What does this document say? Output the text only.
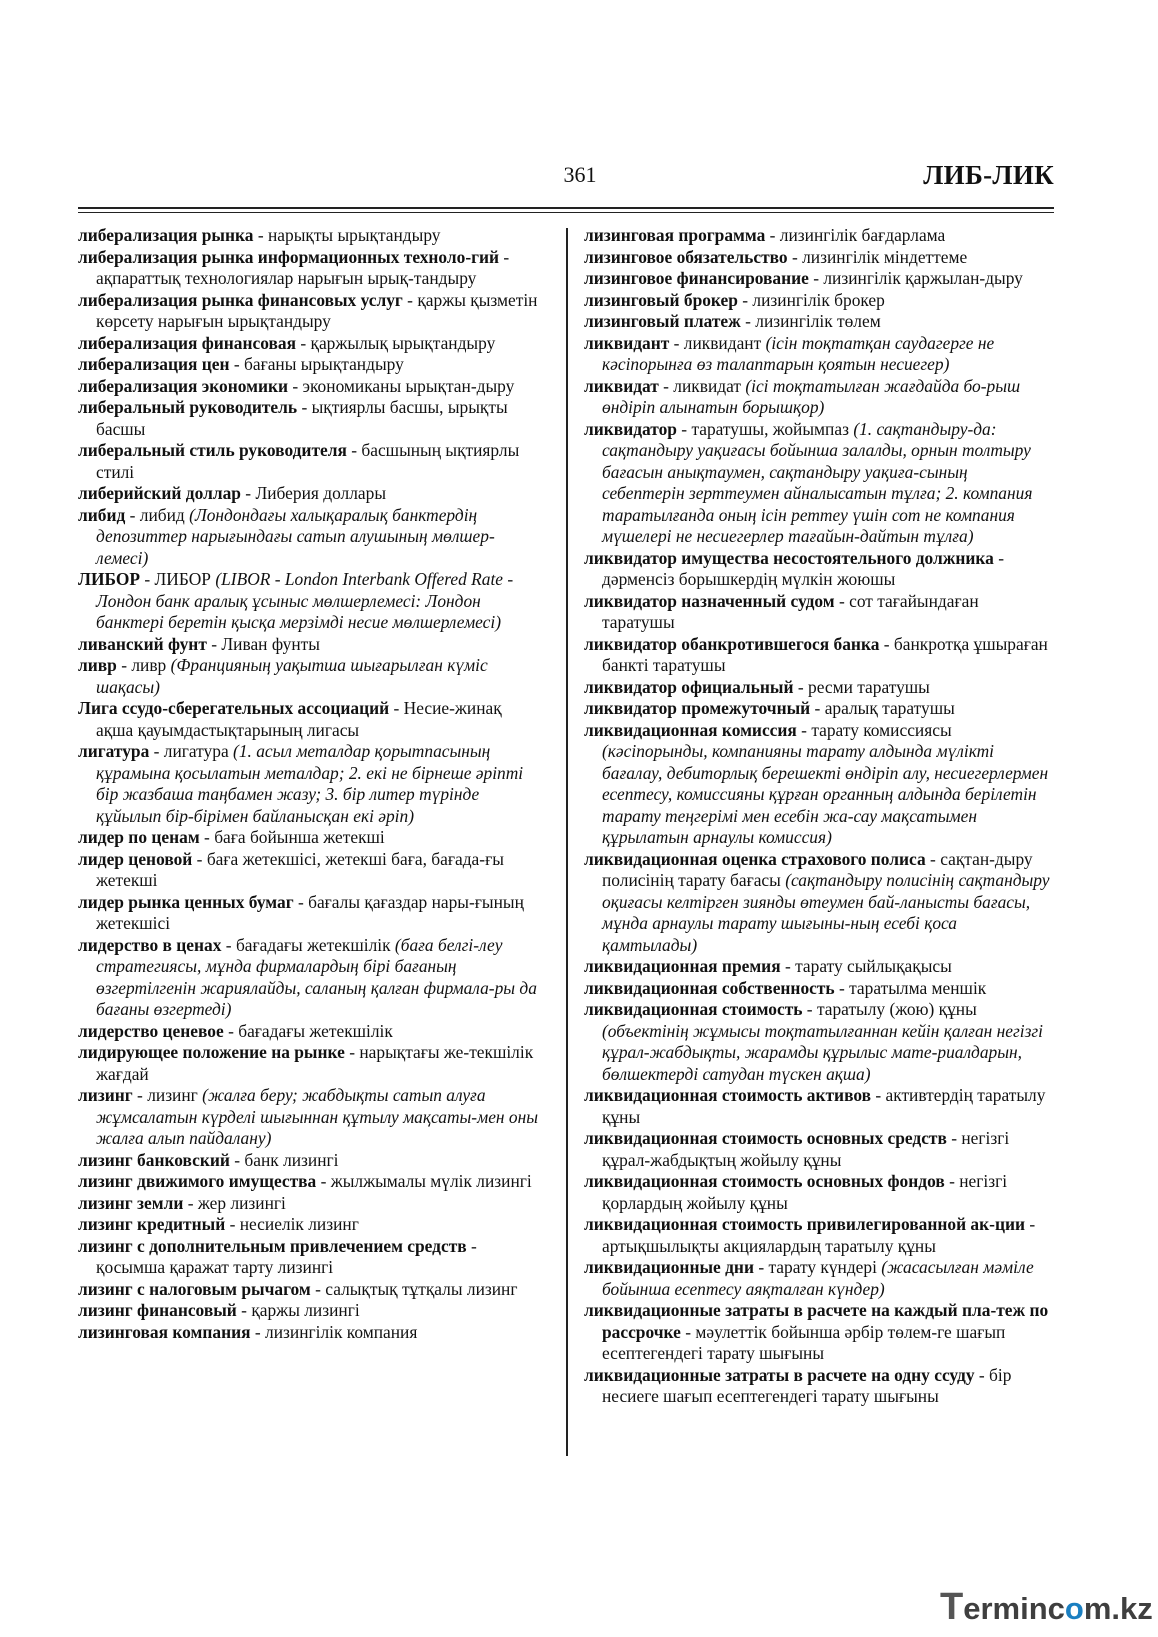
361	ЛИБ-ЛИК

либерализация рынка - нарықты ырықтандыру

либерализация рынка информационных техноло-гий - ақпараттық технологиялар нарығын ырық-тандыру

либерализация рынка финансовых услуг - қаржы қызметін көрсету нарығын ырықтандыру

либерализация финансовая - қаржылық ырықтандыру

либерализация цен - бағаны ырықтандыру

либерализация экономики - экономиканы ырықтан-дыру

либеральный руководитель - ықтиярлы басшы, ырықты басшы

либеральный стиль руководителя - басшының ықтиярлы стилі

либерийский доллар - Либерия доллары

либид - либид (Лондондағы халықаралық банктердің депозиттер нарығындағы сатып алушының мөлшер-лемесі)

ЛИБОР - ЛИБОР (LIBOR - London Interbank Offered Rate - Лондон банк аралық ұсыныс мөлшерлемесі: Лондон банктері беретін қысқа мерзімді несие мөлшерлемесі)

ливанский фунт - Ливан фунты

ливр - ливр (Францияның уақытша шығарылған күміс шақасы)

Лига ссудо-сберегательных ассоциаций - Несие-жинақ ақша қауымдастықтарының лигасы

лигатура - лигатура (1. асыл металдар қорытпасының құрамына қосылатын металдар; 2. екі не бірнеше әріпті бір жазбаша таңбамен жазу; 3. бір литер түрінде құйылып бір-бірімен байланысқан екі әріп)

лидер по ценам - баға бойынша жетекші

лидер ценовой - баға жетекшісі, жетекші баға, бағада-ғы жетекші

лидер рынка ценных бумаг - бағалы қағаздар нары-ғының жетекшісі

лидерство в ценах - бағадағы жетекшілік (баға белгі-леу стратегиясы, мұнда фирмалардың бірі бағаның өзгертілгенін жариялайды, саланың қалған фирмала-ры да бағаны өзгертеді)

лидерство ценевое - бағадағы жетекшілік

лидирующее положение на рынке - нарықтағы же-текшілік жағдай

лизинг - лизинг (жалға беру; жабдықты сатып алуға жұмсалатын күрделі шығыннан құтылу мақсаты-мен оны жалға алып пайдалану)

лизинг банковский - банк лизингі

лизинг движимого имущества - жылжымалы мүлік лизингі

лизинг земли - жер лизингі

лизинг кредитный - несиелік лизинг

лизинг с дополнительным привлечением средств - қосымша қаражат тарту лизингі

лизинг с налоговым рычагом - салықтық тұтқалы лизинг

лизинг финансовый - қаржы лизингі

лизинговая компания - лизингілік компания

лизинговая программа - лизингілік бағдарлама

лизинговое обязательство - лизингілік міндеттеме

лизинговое финансирование - лизингілік қаржылан-дыру

лизинговый брокер - лизингілік брокер

лизинговый платеж - лизингілік төлем

ликвидант - ликвидант (ісін тоқтатқан саудагерге не кәсіпорынға өз талаптарын қоятын несиегер)

ликвидат - ликвидат (ісі тоқтатылған жағдайда бо-рыш өндіріп алынатын борышқор)

ликвидатор - таратушы, жойымпаз (1. сақтандыру-да: сақтандыру уақиғасы бойынша залалды, орнын толтыру бағасын анықтаумен, сақтандыру уақиға-сының себептерін зерттеумен айналысатын тұлға; 2. компания таратылғанда оның ісін реттеу үшін сот не компания мүшелері не несиегерлер тағайын-дайтын тұлға)

ликвидатор имущества несостоятельного должника - дәрменсіз борышкердің мүлкін жоюшы

ликвидатор назначенный судом - сот тағайындаған таратушы

ликвидатор обанкротившегося банка - банкротқа ұшыраған банкті таратушы

ликвидатор официальный - ресми таратушы

ликвидатор промежуточный - аралық таратушы

ликвидационная комиссия - тарату комиссиясы (кәсіпорынды, компанияны тарату алдында мүлікті бағалау, дебиторлық берешекті өндіріп алу, несиегерлермен есептесу, комиссияны құрған органның алдында берілетін тарату теңгерімі мен есебін жа-сау мақсатымен құрылатын арнаулы комиссия)

ликвидационная оценка страхового полиса - сақтан-дыру полисінің тарату бағасы (сақтандыру полисінің сақтандыру оқиғасы келтірген зиянды өтеумен бай-ланысты бағасы, мұнда арнаулы тарату шығыны-ның есебі қоса қамтылады)

ликвидационная премия - тарату сыйлықақысы

ликвидационная собственность - таратылма меншік

ликвидационная стоимость - таратылу (жою) құны (объектінің жұмысы тоқтатылғаннан кейін қалған негізгі құрал-жабдықты, жарамды құрылыс мате-риалдарын, бөлшектерді сатудан түскен ақша)

ликвидационная стоимость активов - активтердің таратылу құны

ликвидационная стоимость основных средств - негізгі құрал-жабдықтың жойылу құны

ликвидационная стоимость основных фондов - негізгі қорлардың жойылу құны

ликвидационная стоимость привилегированной ак-ции - артықшылықты акциялардың таратылу құны

ликвидационные дни - тарату күндері (жасасылған мәміле бойынша есептесу аяқталған күндер)

ликвидационные затраты в расчете на каждый пла-теж по рассрочке - мәулеттік бойынша әрбір төлем-ге шағып есептегендегі тарату шығыны

ликвидационные затраты в расчете на одну ссуду - бір несиеге шағып есептегендегі тарату шығыны

Termincоm.kz
